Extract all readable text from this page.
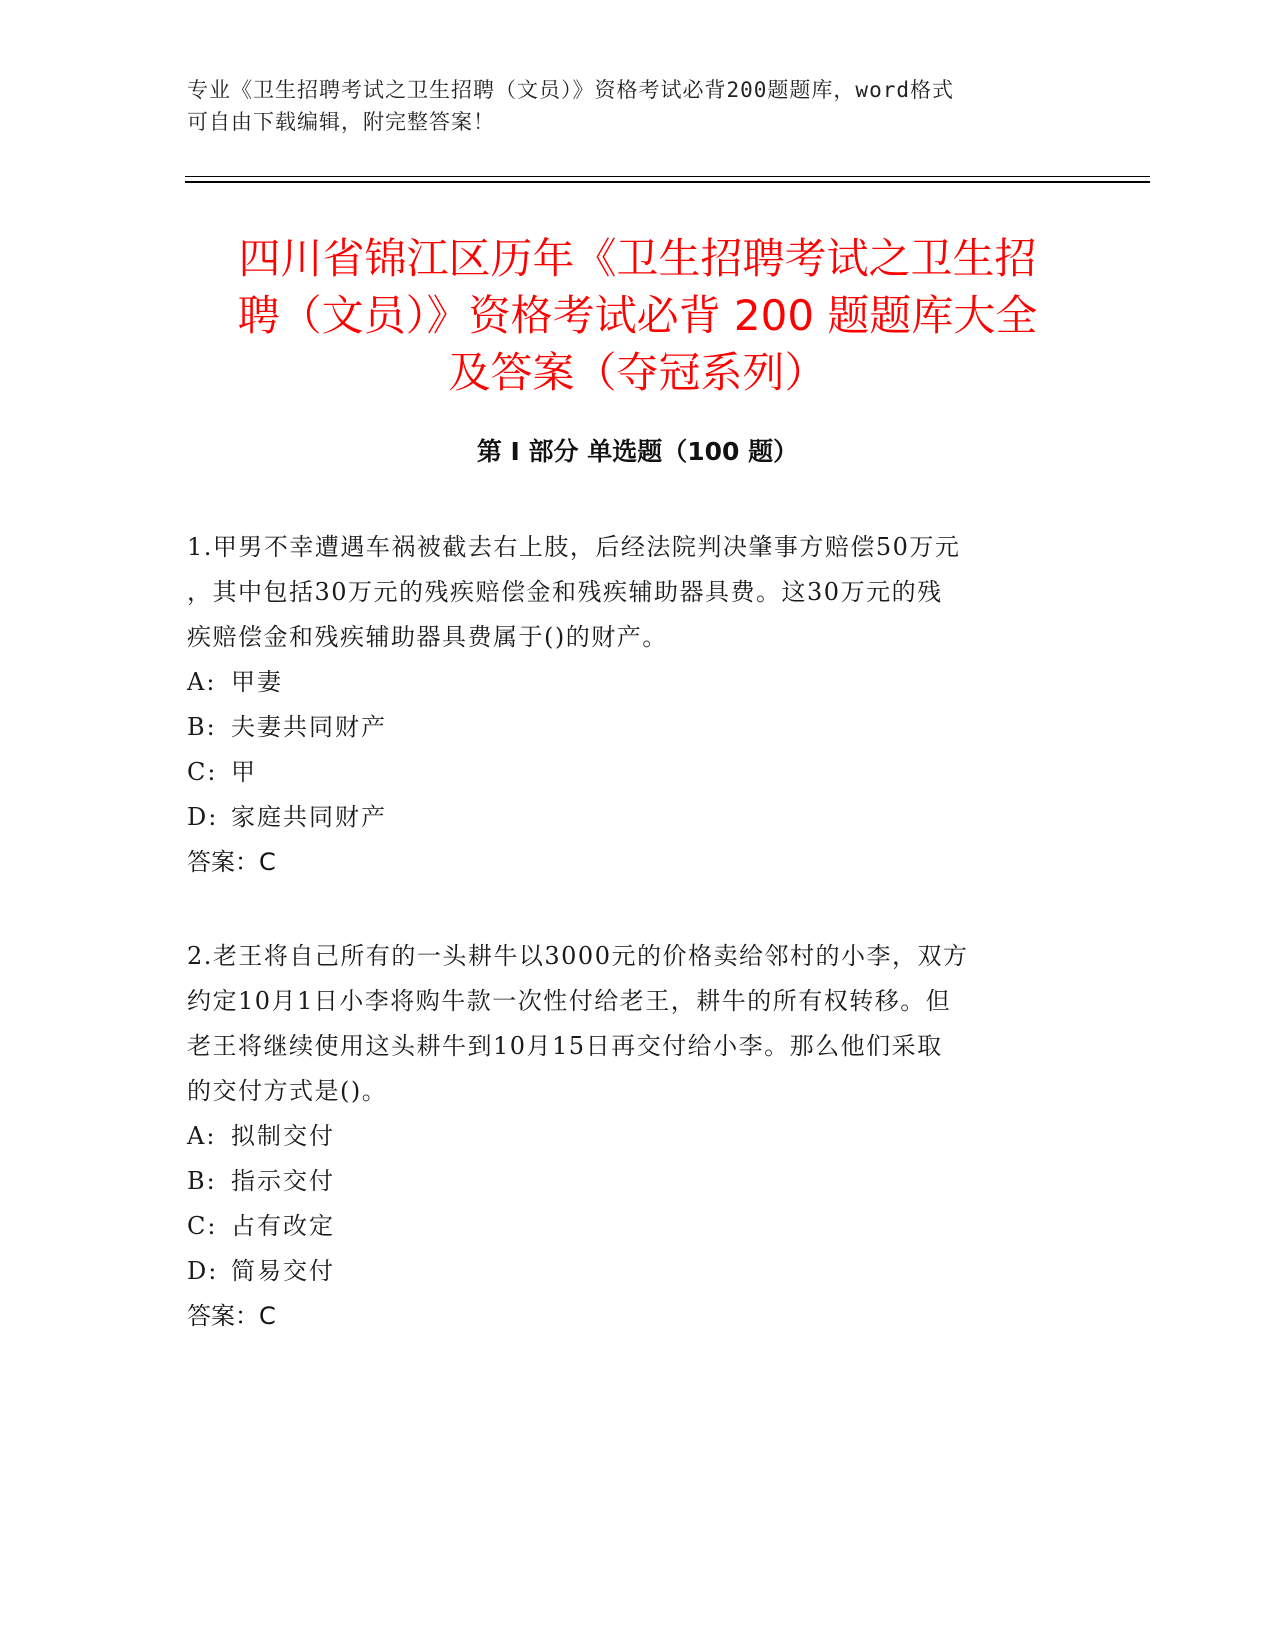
专业《卫生招聘考试之卫生招聘（文员）》资格考试必背200题题库，word格式
可自由下载编辑，附完整答案！
四川省锦江区历年《卫生招聘考试之卫生招
聘（文员）》资格考试必背 200 题题库大全
及答案（夺冠系列）
第 I 部分 单选题（100 题）

1.甲男不幸遭遇车祸被截去右上肢，后经法院判决肇事方赔偿50万元

，其中包括30万元的残疾赔偿金和残疾辅助器具费。这30万元的残

疾赔偿金和残疾辅助器具费属于()的财产。

A: 甲妻

B: 夫妻共同财产

C: 甲

D: 家庭共同财产

答案：C

2.老王将自己所有的一头耕牛以3000元的价格卖给邻村的小李，双方

约定10月1日小李将购牛款一次性付给老王，耕牛的所有权转移。但

老王将继续使用这头耕牛到10月15日再交付给小李。那么他们采取

的交付方式是()。

A: 拟制交付

B: 指示交付

C: 占有改定

D: 简易交付

答案：C
